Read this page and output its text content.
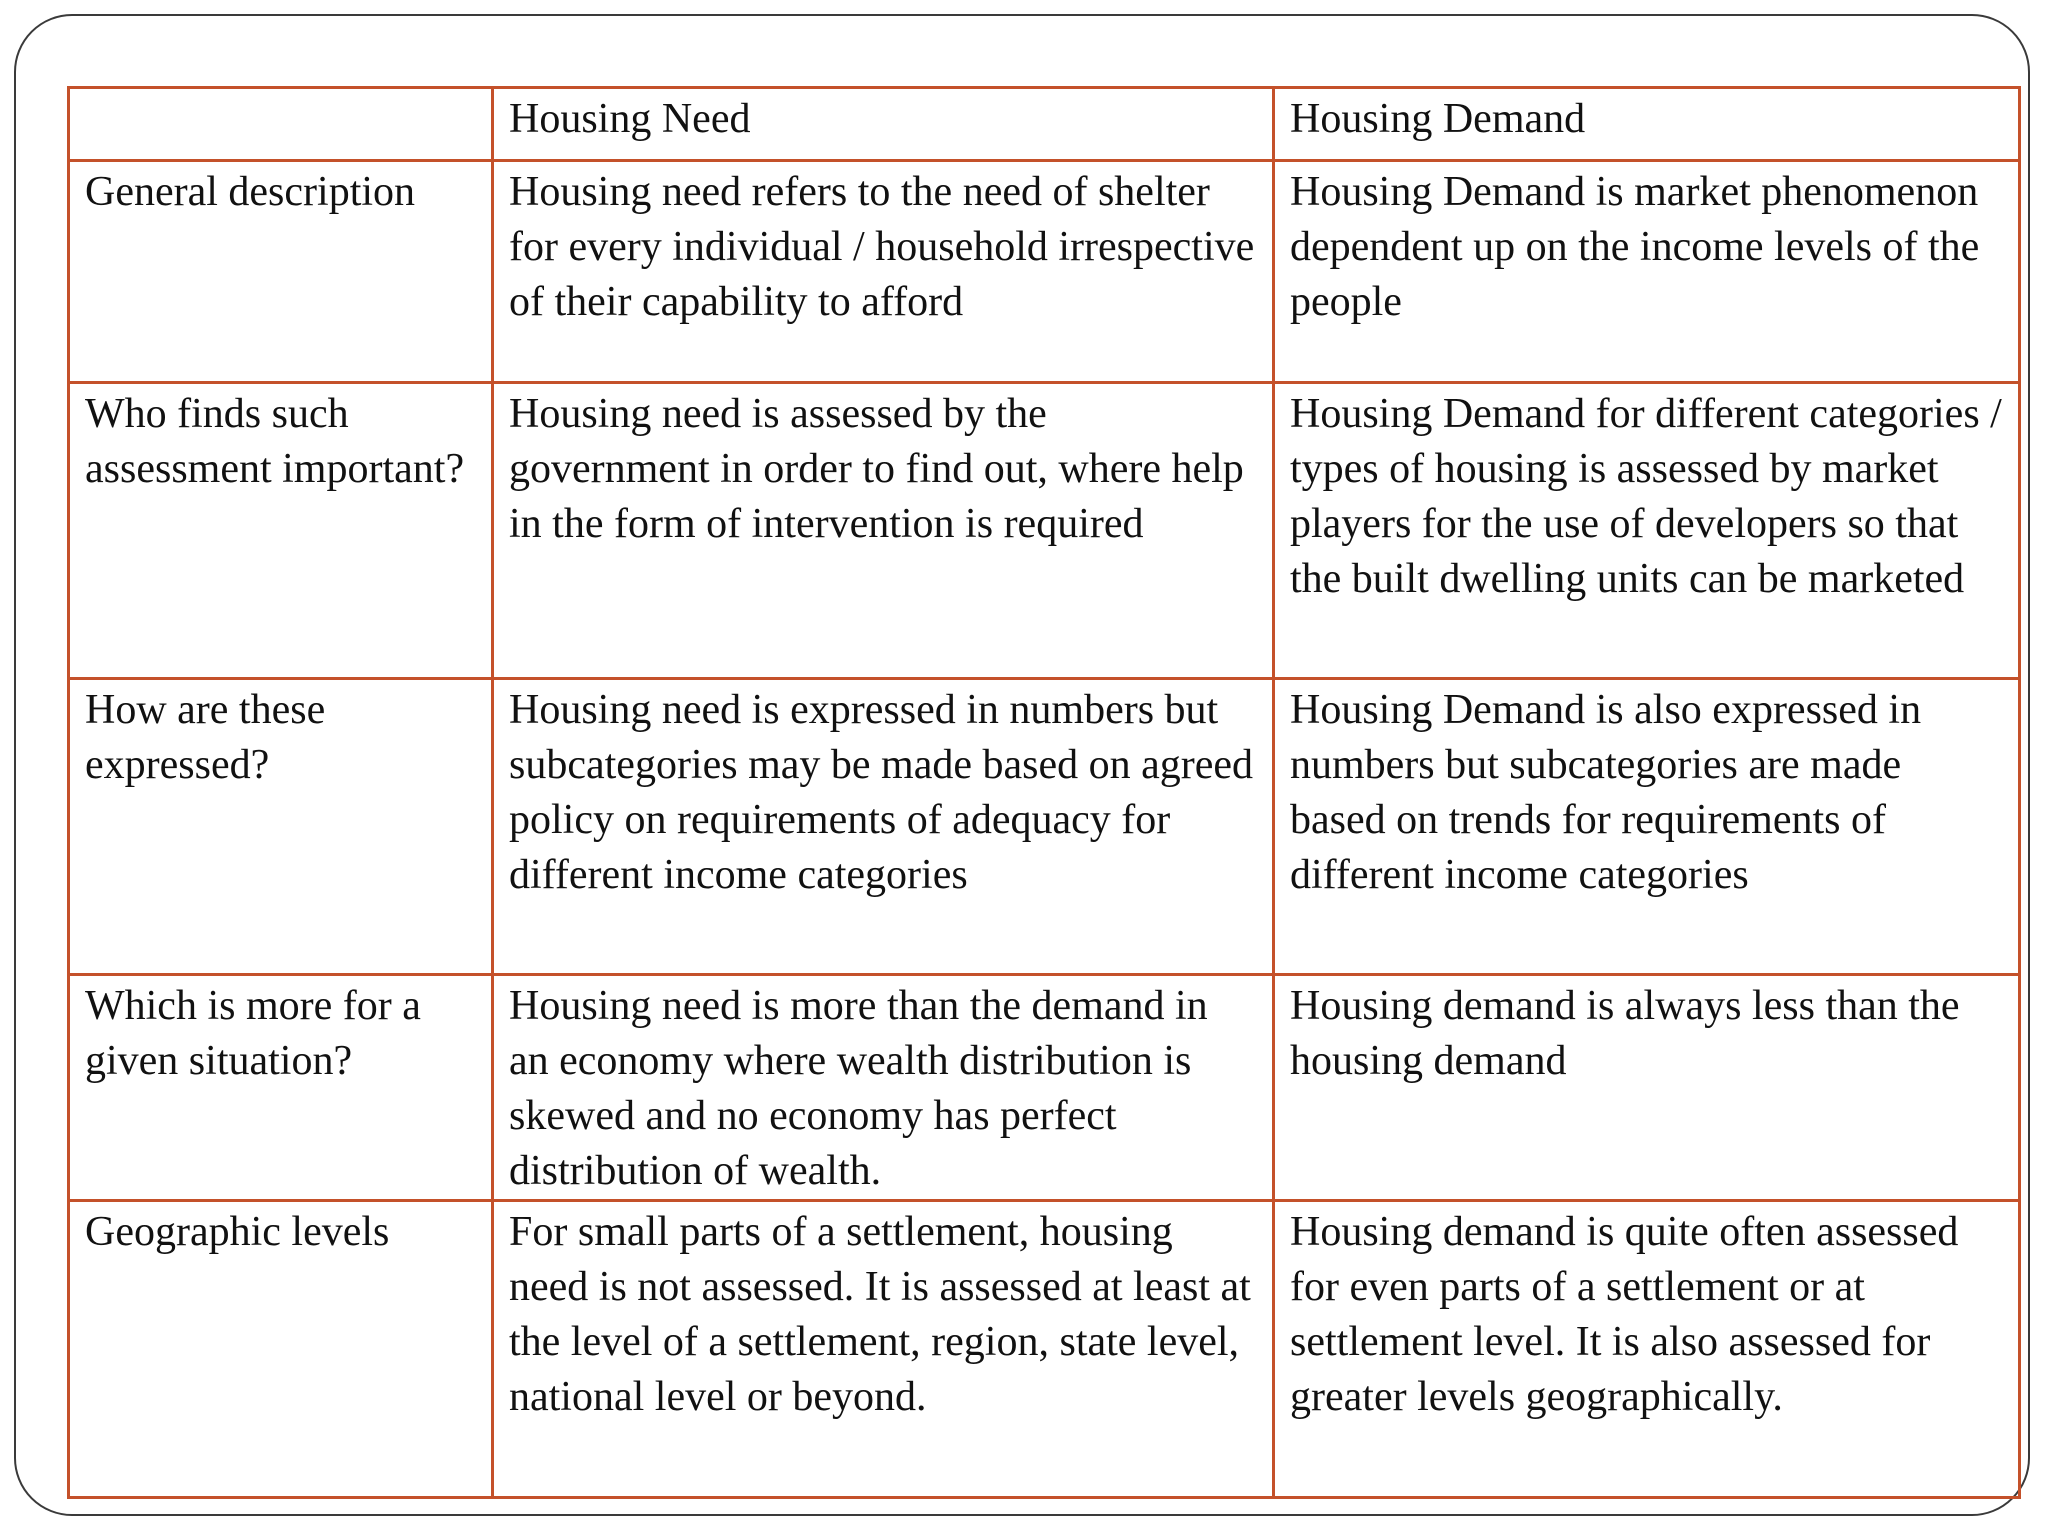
	Housing Need	Housing Demand
General description	Housing need refers to the need of shelter for every individual / household irrespective of their capability to afford	Housing Demand is market phenomenon dependent up on the income levels of the people
Who finds such assessment important?	Housing need is assessed by the government in order to find out, where help in the form of intervention is required	Housing Demand for different categories / types of housing is assessed by market players for the use of developers so that the built dwelling units can be marketed
How are these expressed?	Housing need is expressed in numbers but subcategories may be made based on agreed policy on requirements of adequacy for different income categories	Housing Demand is also expressed in numbers but subcategories are made based on trends for requirements of different income categories
Which is more for a given situation?	Housing need is more than the demand in an economy where wealth distribution is skewed and no economy has perfect distribution of wealth.	Housing demand is always less than the housing demand
Geographic levels	For small parts of a settlement, housing need is not assessed. It is assessed at least at the level of a settlement, region, state level, national level or beyond.	Housing demand is quite often assessed for even parts of a settlement or at settlement level. It is also assessed for greater levels geographically.
